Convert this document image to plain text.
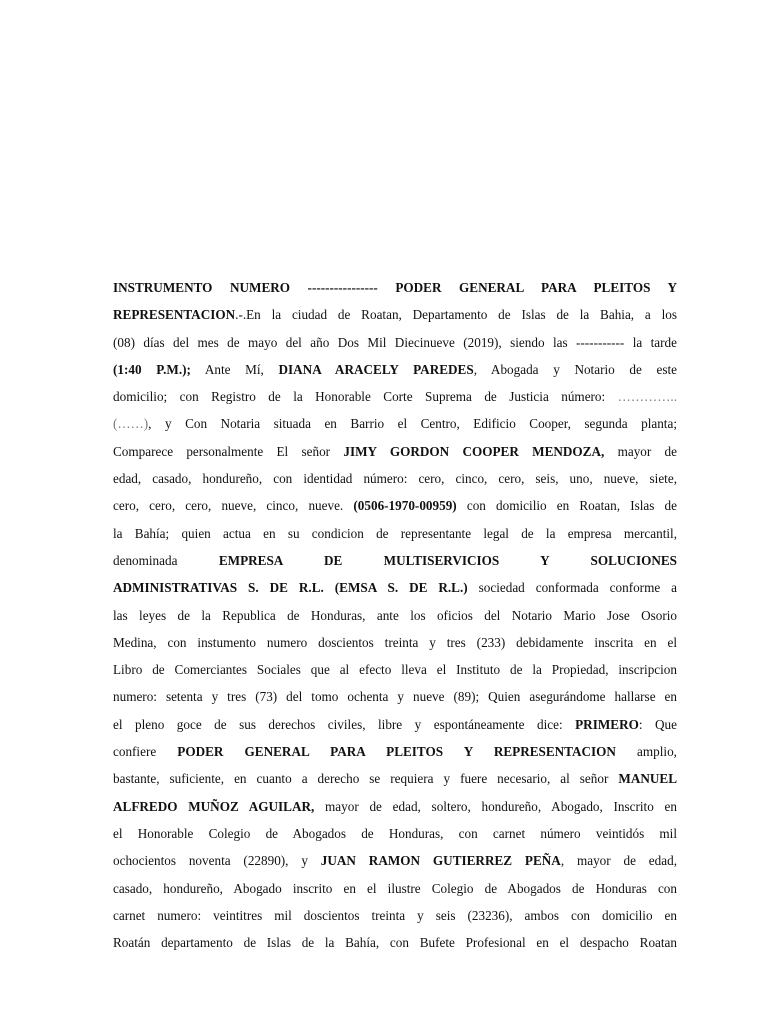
INSTRUMENTO NUMERO ---------------- PODER GENERAL PARA PLEITOS Y
REPRESENTACION.-.En la ciudad de Roatan, Departamento de Islas de la Bahia, a los
(08) días del mes de mayo del año Dos Mil Diecinueve (2019), siendo las ----------- la tarde
(1:40 P.M.); Ante Mí, DIANA ARACELY PAREDES, Abogada y Notario de este
domicilio; con Registro de la Honorable Corte Suprema de Justicia número: …………..
(……), y Con Notaria situada en Barrio el Centro, Edificio Cooper, segunda planta;
Comparece personalmente El señor JIMY GORDON COOPER MENDOZA, mayor de
edad, casado, hondureño, con identidad número: cero, cinco, cero, seis, uno, nueve, siete,
cero, cero, cero, nueve, cinco, nueve. (0506-1970-00959) con domicilio en Roatan, Islas de
la Bahía; quien actua en su condicion de representante legal de la empresa mercantil,
denominada EMPRESA DE MULTISERVICIOS Y SOLUCIONES
ADMINISTRATIVAS S. DE R.L. (EMSA S. DE R.L.) sociedad conformada conforme a
las leyes de la Republica de Honduras, ante los oficios del Notario Mario Jose Osorio
Medina, con instumento numero doscientos treinta y tres (233) debidamente inscrita en el
Libro de Comerciantes Sociales que al efecto lleva el Instituto de la Propiedad, inscripcion
numero: setenta y tres (73) del tomo ochenta y nueve (89); Quien asegurándome hallarse en
el pleno goce de sus derechos civiles, libre y espontáneamente dice: PRIMERO: Que
confiere PODER GENERAL PARA PLEITOS Y REPRESENTACION amplio,
bastante, suficiente, en cuanto a derecho se requiera y fuere necesario, al señor MANUEL
ALFREDO MUÑOZ AGUILAR, mayor de edad, soltero, hondureño, Abogado, Inscrito en
el Honorable Colegio de Abogados de Honduras, con carnet número veintidós mil
ochocientos noventa (22890), y JUAN RAMON GUTIERREZ PEÑA, mayor de edad,
casado, hondureño, Abogado inscrito en el ilustre Colegio de Abogados de Honduras con
carnet numero: veintitres mil doscientos treinta y seis (23236), ambos con domicilio en
Roatán departamento de Islas de la Bahía, con Bufete Profesional en el despacho Roatan
